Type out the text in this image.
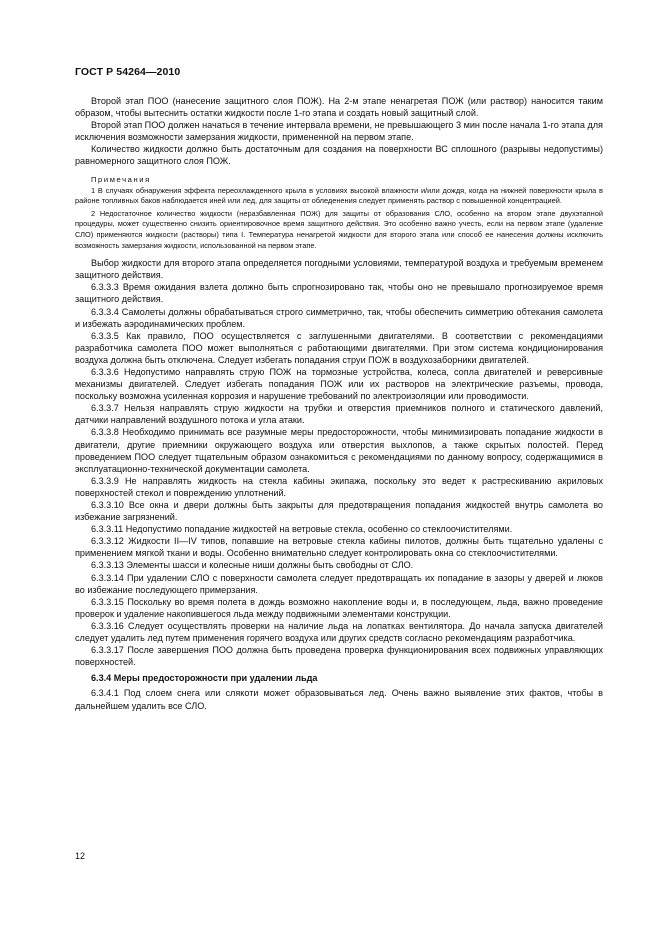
ГОСТ Р 54264—2010

Второй этап ПОО (нанесение защитного слоя ПОЖ). На 2-м этапе ненагретая ПОЖ (или раствор) наносится таким образом, чтобы вытеснить остатки жидкости после 1-го этапа и создать новый защитный слой.

Второй этап ПОО должен начаться в течение интервала времени, не превышающего 3 мин после начала 1-го этапа для исключения возможности замерзания жидкости, примененной на первом этапе.

Количество жидкости должно быть достаточным для создания на поверхности ВС сплошного (разрывы недопустимы) равномерного защитного слоя ПОЖ.

Примечания

1 В случаях обнаружения эффекта переохлажденного крыла в условиях высокой влажности и/или дождя, когда на нижней поверхности крыла в районе топливных баков наблюдается иней или лед, для защиты от обледенения следует применять раствор с повышенной концентрацией.

2 Недостаточное количество жидкости (неразбавленная ПОЖ) для защиты от образования СЛО, особенно на втором этапе двухэтапной процедуры, может существенно снизить ориентировочное время защитного действия. Это особенно важно учесть, если на первом этапе (удаление СЛО) применяются жидкости (растворы) типа I. Температура ненагретой жидкости для второго этапа или способ ее нанесения должны исключить возможность замерзания жидкости, использованной на первом этапе.

Выбор жидкости для второго этапа определяется погодными условиями, температурой воздуха и требуемым временем защитного действия.

6.3.3.3 Время ожидания взлета должно быть спрогнозировано так, чтобы оно не превышало прогнозируемое время защитного действия.

6.3.3.4 Самолеты должны обрабатываться строго симметрично, так, чтобы обеспечить симметрию обтекания самолета и избежать аэродинамических проблем.

6.3.3.5 Как правило, ПОО осуществляется с заглушенными двигателями. В соответствии с рекомендациями разработчика самолета ПОО может выполняться с работающими двигателями. При этом система кондиционирования воздуха должна быть отключена. Следует избегать попадания струи ПОЖ в воздухозаборники двигателей.

6.3.3.6 Недопустимо направлять струю ПОЖ на тормозные устройства, колеса, сопла двигателей и реверсивные механизмы двигателей. Следует избегать попадания ПОЖ или их растворов на электрические разъемы, провода, поскольку возможна усиленная коррозия и нарушение требований по электроизоляции или проводимости.

6.3.3.7 Нельзя направлять струю жидкости на трубки и отверстия приемников полного и статического давлений, датчики направлений воздушного потока и угла атаки.

6.3.3.8 Необходимо принимать все разумные меры предосторожности, чтобы минимизировать попадание жидкости в двигатели, другие приемники окружающего воздуха или отверстия выхлопов, а также скрытых полостей. Перед проведением ПОО следует тщательным образом ознакомиться с рекомендациями по данному вопросу, содержащимися в эксплуатационно-технической документации самолета.

6.3.3.9 Не направлять жидкость на стекла кабины экипажа, поскольку это ведет к растрескиванию акриловых поверхностей стекол и повреждению уплотнений.

6.3.3.10 Все окна и двери должны быть закрыты для предотвращения попадания жидкостей внутрь самолета во избежание загрязнений.

6.3.3.11 Недопустимо попадание жидкостей на ветровые стекла, особенно со стеклоочистителями.

6.3.3.12 Жидкости II—IV типов, попавшие на ветровые стекла кабины пилотов, должны быть тщательно удалены с применением мягкой ткани и воды. Особенно внимательно следует контролировать окна со стеклоочистителями.

6.3.3.13 Элементы шасси и колесные ниши должны быть свободны от СЛО.

6.3.3.14 При удалении СЛО с поверхности самолета следует предотвращать их попадание в зазоры у дверей и люков во избежание последующего примерзания.

6.3.3.15 Поскольку во время полета в дождь возможно накопление воды и, в последующем, льда, важно проведение проверок и удаление накопившегося льда между подвижными элементами конструкции.

6.3.3.16 Следует осуществлять проверки на наличие льда на лопатках вентилятора. До начала запуска двигателей следует удалить лед путем применения горячего воздуха или других средств согласно рекомендациям разработчика.

6.3.3.17 После завершения ПОО должна быть проведена проверка функционирования всех подвижных управляющих поверхностей.

6.3.4 Меры предосторожности при удалении льда

6.3.4.1 Под слоем снега или слякоти может образовываться лед. Очень важно выявление этих фактов, чтобы в дальнейшем удалить все СЛО.

12
